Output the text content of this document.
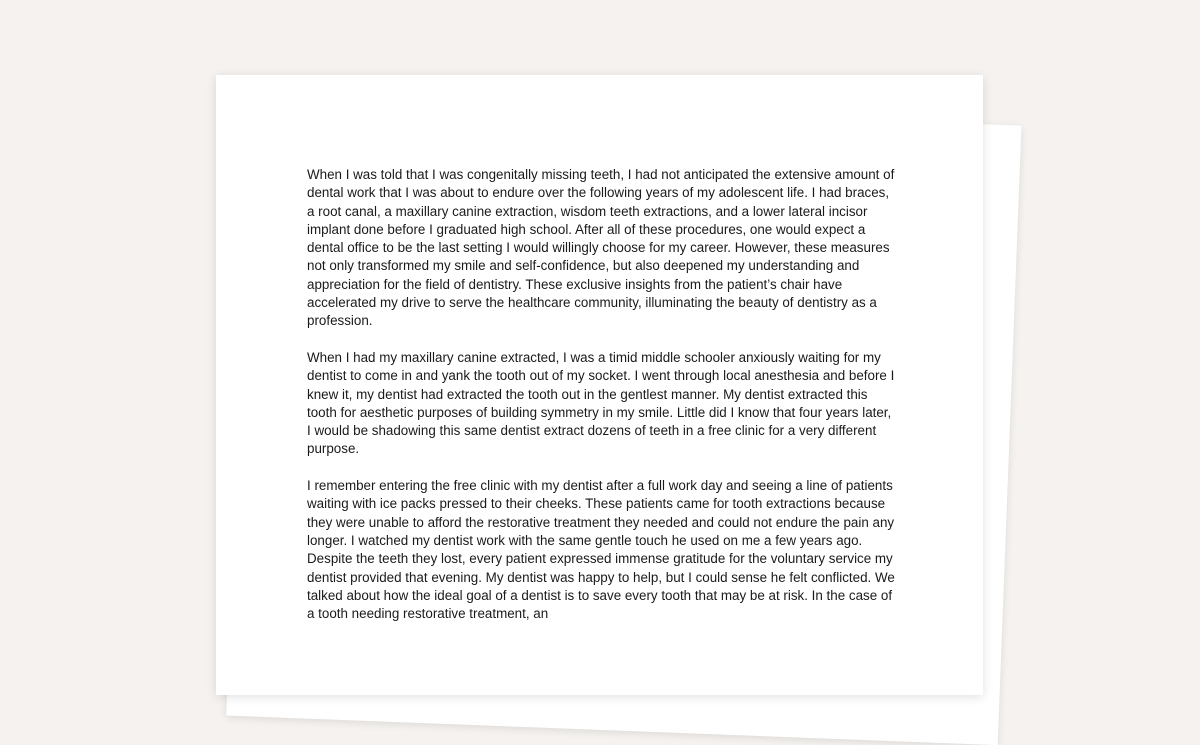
When I was told that I was congenitally missing teeth, I had not anticipated the extensive amount of dental work that I was about to endure over the following years of my adolescent life. I had braces, a root canal, a maxillary canine extraction, wisdom teeth extractions, and a lower lateral incisor implant done before I graduated high school. After all of these procedures, one would expect a dental office to be the last setting I would willingly choose for my career. However, these measures not only transformed my smile and self-confidence, but also deepened my understanding and appreciation for the field of dentistry. These exclusive insights from the patient’s chair have accelerated my drive to serve the healthcare community, illuminating the beauty of dentistry as a profession.

When I had my maxillary canine extracted, I was a timid middle schooler anxiously waiting for my dentist to come in and yank the tooth out of my socket. I went through local anesthesia and before I knew it, my dentist had extracted the tooth out in the gentlest manner. My dentist extracted this tooth for aesthetic purposes of building symmetry in my smile. Little did I know that four years later, I would be shadowing this same dentist extract dozens of teeth in a free clinic for a very different purpose.

I remember entering the free clinic with my dentist after a full work day and seeing a line of patients waiting with ice packs pressed to their cheeks. These patients came for tooth extractions because they were unable to afford the restorative treatment they needed and could not endure the pain any longer. I watched my dentist work with the same gentle touch he used on me a few years ago. Despite the teeth they lost, every patient expressed immense gratitude for the voluntary service my dentist provided that evening. My dentist was happy to help, but I could sense he felt conflicted. We talked about how the ideal goal of a dentist is to save every tooth that may be at risk. In the case of a tooth needing restorative treatment, an
